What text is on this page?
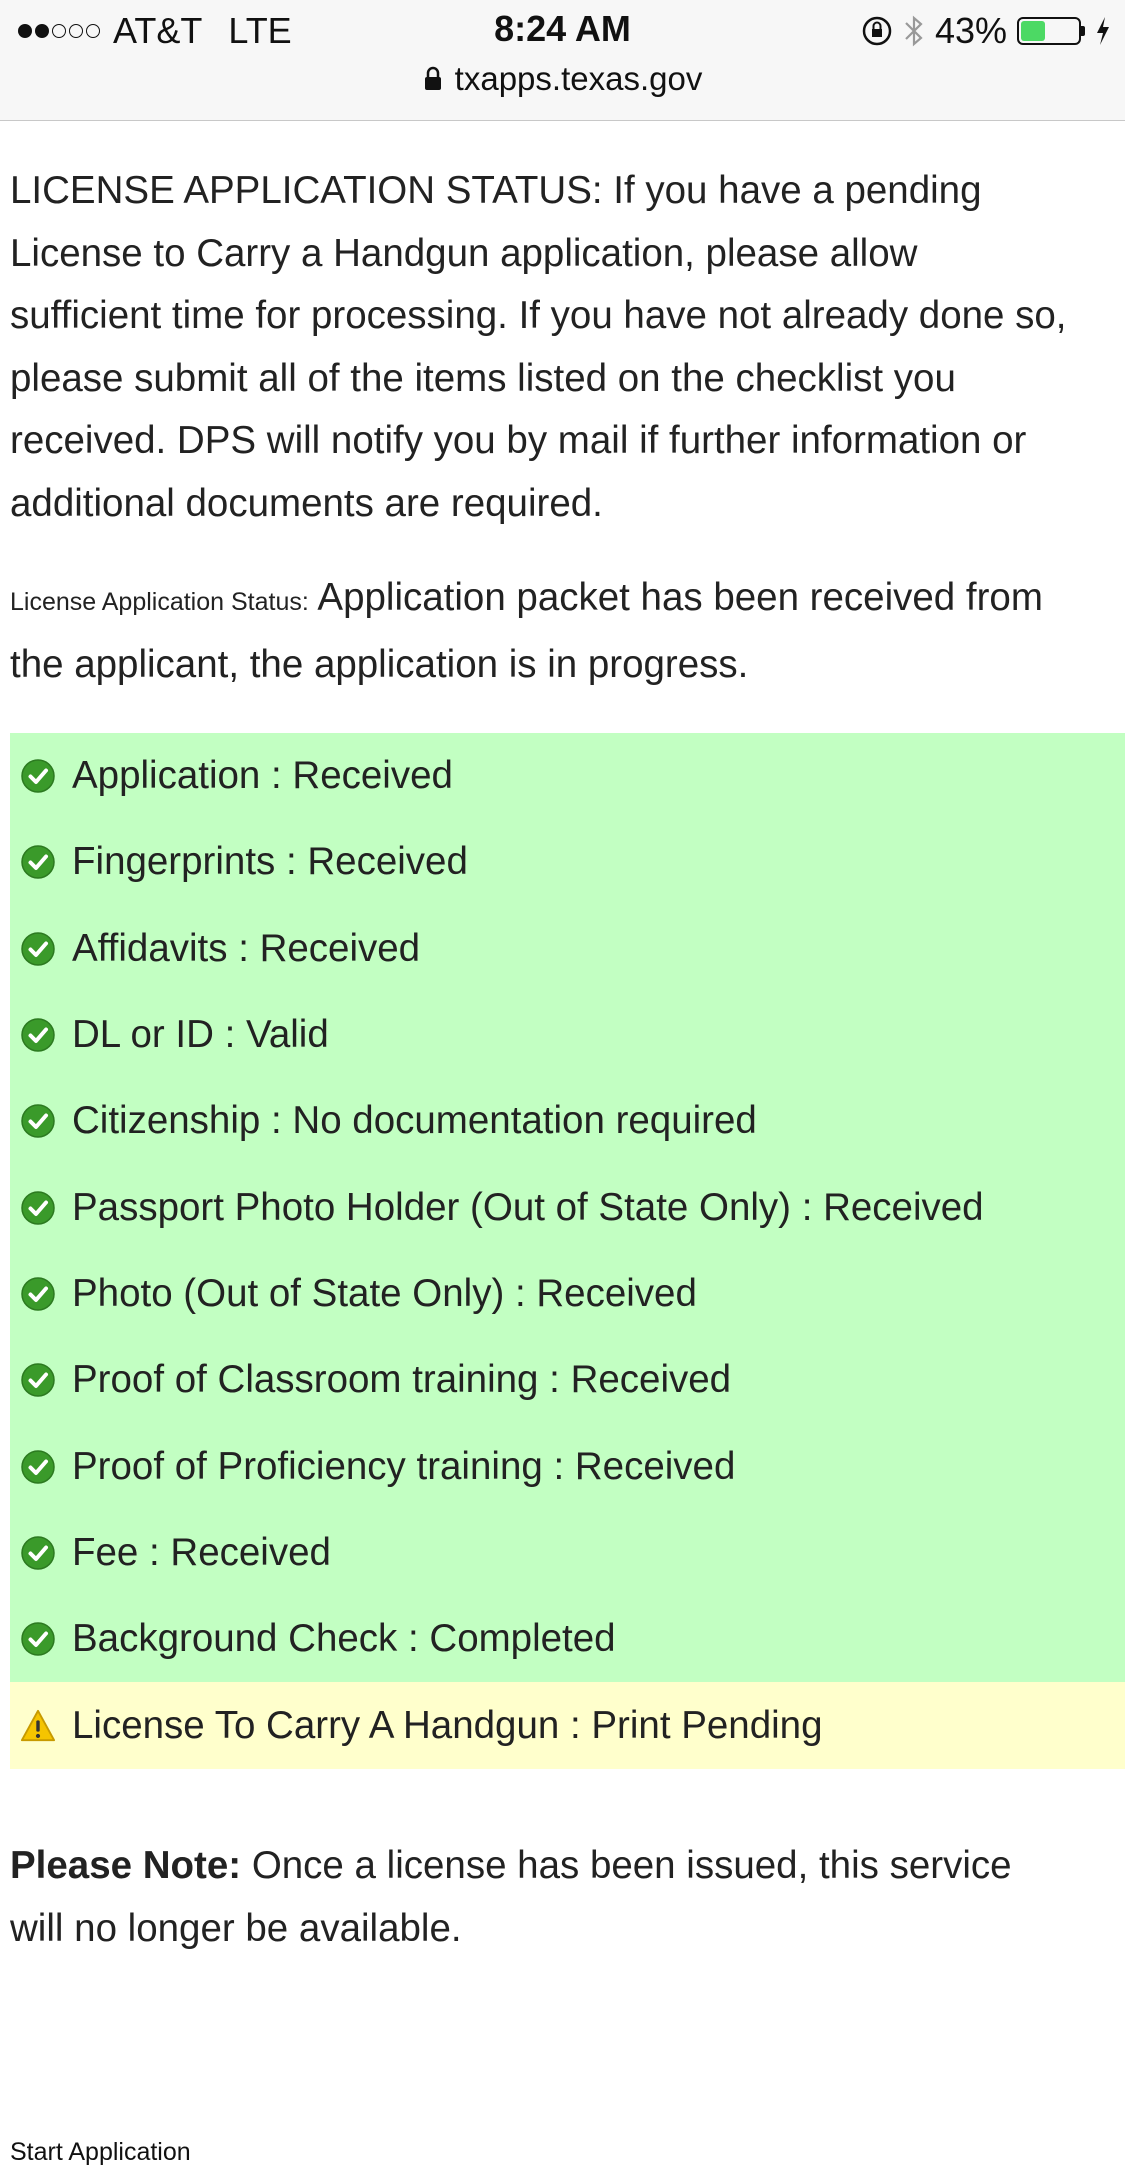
AT&T LTE	8:24 AM	43%
txapps.texas.gov
LICENSE APPLICATION STATUS: If you have a pending
License to Carry a Handgun application, please allow
sufficient time for processing. If you have not already done so,
please submit all of the items listed on the checklist you
received. DPS will notify you by mail if further information or
additional documents are required.
License Application Status: Application packet has been received from
the applicant, the application is in progress.
Application : Received
Fingerprints : Received
Affidavits : Received
DL or ID : Valid
Citizenship : No documentation required
Passport Photo Holder (Out of State Only) : Received
Photo (Out of State Only) : Received
Proof of Classroom training : Received
Proof of Proficiency training : Received
Fee : Received
Background Check : Completed
License To Carry A Handgun : Print Pending
Please Note: Once a license has been issued, this service
will no longer be available.
Start Application
